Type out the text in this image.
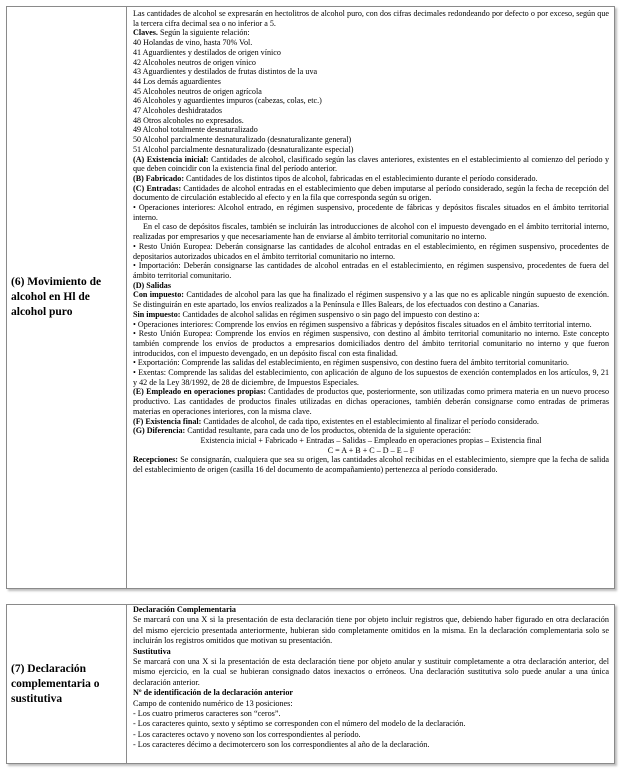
(6) Movimiento de alcohol en Hl de alcohol puro

Las cantidades de alcohol se expresarán en hectolitros de alcohol puro, con dos cifras decimales redondeando por defecto o por exceso, según que la tercera cifra decimal sea o no inferior a 5.

Claves. Según la siguiente relación:

40 Holandas de vino, hasta 70% Vol.

41 Aguardientes y destilados de origen vínico

42 Alcoholes neutros de origen vínico

43 Aguardientes y destilados de frutas distintos de la uva

44 Los demás aguardientes

45 Alcoholes neutros de origen agrícola

46 Alcoholes y aguardientes impuros (cabezas, colas, etc.)

47 Alcoholes deshidratados

48 Otros alcoholes no expresados.

49 Alcohol totalmente desnaturalizado

50 Alcohol parcialmente desnaturalizado (desnaturalizante general)

51 Alcohol parcialmente desnaturalizado (desnaturalizante especial)

(A) Existencia inicial: Cantidades de alcohol, clasificado según las claves anteriores, existentes en el establecimiento al comienzo del período y que deben coincidir con la existencia final del período anterior.

(B) Fabricado: Cantidades de los distintos tipos de alcohol, fabricadas en el establecimiento durante el período considerado.

(C) Entradas: Cantidades de alcohol entradas en el establecimiento que deben imputarse al período considerado, según la fecha de recepción del documento de circulación establecido al efecto y en la fila que corresponda según su origen.

• Operaciones interiores: Alcohol entrado, en régimen suspensivo, procedente de fábricas y depósitos fiscales situados en el ámbito territorial interno.

En el caso de depósitos fiscales, también se incluirán las introducciones de alcohol con el impuesto devengado en el ámbito territorial interno, realizadas por empresarios y que necesariamente han de enviarse al ámbito territorial comunitario no interno.

• Resto Unión Europea: Deberán consignarse las cantidades de alcohol entradas en el establecimiento, en régimen suspensivo, procedentes de depositarios autorizados ubicados en el ámbito territorial comunitario no interno.

• Importación: Deberán consignarse las cantidades de alcohol entradas en el establecimiento, en régimen suspensivo, procedentes de fuera del ámbito territorial comunitario.

(D) Salidas

Con impuesto: Cantidades de alcohol para las que ha finalizado el régimen suspensivo y a las que no es aplicable ningún supuesto de exención. Se distinguirán en este apartado, los envíos realizados a la Península e Illes Balears, de los efectuados con destino a Canarias.

Sin impuesto: Cantidades de alcohol salidas en régimen suspensivo o sin pago del impuesto con destino a:

• Operaciones interiores: Comprende los envíos en régimen suspensivo a fábricas y depósitos fiscales situados en el ámbito territorial interno.

• Resto Unión Europea: Comprende los envíos en régimen suspensivo, con destino al ámbito territorial comunitario no interno. Este concepto también comprende los envíos de productos a empresarios domiciliados dentro del ámbito territorial comunitario no interno y que fueron introducidos, con el impuesto devengado, en un depósito fiscal con esta finalidad.

• Exportación: Comprende las salidas del establecimiento, en régimen suspensivo, con destino fuera del ámbito territorial comunitario.

• Exentas: Comprende las salidas del establecimiento, con aplicación de alguno de los supuestos de exención contemplados en los artículos, 9, 21 y 42 de la Ley 38/1992, de 28 de diciembre, de Impuestos Especiales.

(E) Empleado en operaciones propias: Cantidades de productos que, posteriormente, son utilizadas como primera materia en un nuevo proceso productivo. Las cantidades de productos finales utilizadas en dichas operaciones, también deberán consignarse como entradas de primeras materias en operaciones interiores, con la misma clave.

(F) Existencia final: Cantidades de alcohol, de cada tipo, existentes en el establecimiento al finalizar el período considerado.

(G) Diferencia: Cantidad resultante, para cada uno de los productos, obtenida de la siguiente operación:

Existencia inicial + Fabricado + Entradas – Salidas – Empleado en operaciones propias – Existencia final

C = A + B + C – D – E – F

Recepciones: Se consignarán, cualquiera que sea su origen, las cantidades alcohol recibidas en el establecimiento, siempre que la fecha de salida del establecimiento de origen (casilla 16 del documento de acompañamiento) pertenezca al período considerado.

(7) Declaración complementaria o sustitutiva

Declaración Complementaria

Se marcará con una X si la presentación de esta declaración tiene por objeto incluir registros que, debiendo haber figurado en otra declaración del mismo ejercicio presentada anteriormente, hubieran sido completamente omitidos en la misma. En la declaración complementaria solo se incluirán los registros omitidos que motivan su presentación.

Sustitutiva

Se marcará con una X si la presentación de esta declaración tiene por objeto anular y sustituir completamente a otra declaración anterior, del mismo ejercicio, en la cual se hubieran consignado datos inexactos o erróneos. Una declaración sustitutiva solo puede anular a una única declaración anterior.

Nº de identificación de la declaración anterior

Campo de contenido numérico de 13 posiciones:

- Los cuatro primeros caracteres son “ceros”.

- Los caracteres quinto, sexto y séptimo se corresponden con el número del modelo de la declaración.

- Los caracteres octavo y noveno son los correspondientes al período.

- Los caracteres décimo a decimotercero son los correspondientes al año de la declaración.
